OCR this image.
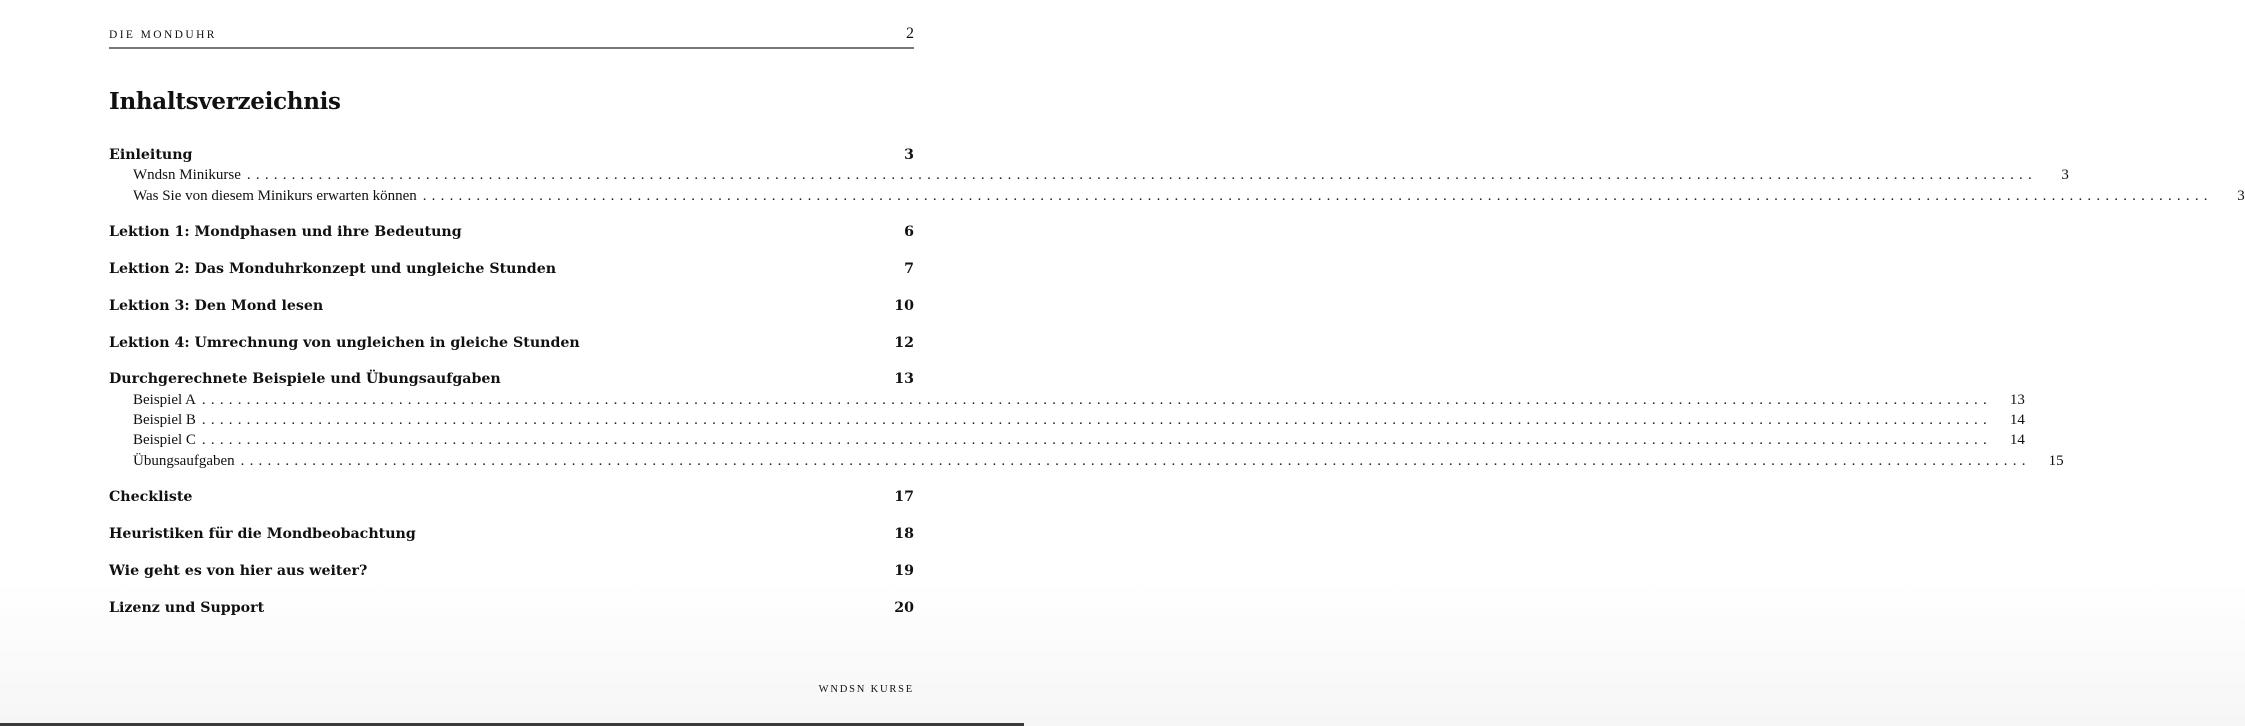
DIE MONDUHR	2
Inhaltsverzeichnis
Einleitung	3
Wndsn Minikurse ........................................................................................................................................................................................................	3
Was Sie von diesem Minikurs erwarten können ........................................................................................................................................................................................................	3
Lektion 1: Mondphasen und ihre Bedeutung	6
Lektion 2: Das Monduhrkonzept und ungleiche Stunden	7
Lektion 3: Den Mond lesen	10
Lektion 4: Umrechnung von ungleichen in gleiche Stunden	12
Durchgerechnete Beispiele und Übungsaufgaben	13
Beispiel A ........................................................................................................................................................................................................ 13
Beispiel B ........................................................................................................................................................................................................ 14
Beispiel C ........................................................................................................................................................................................................ 14
Übungsaufgaben ........................................................................................................................................................................................................ 15
Checkliste	17
Heuristiken für die Mondbeobachtung	18
Wie geht es von hier aus weiter?	19
Lizenz und Support	20
WNDSN KURSE
